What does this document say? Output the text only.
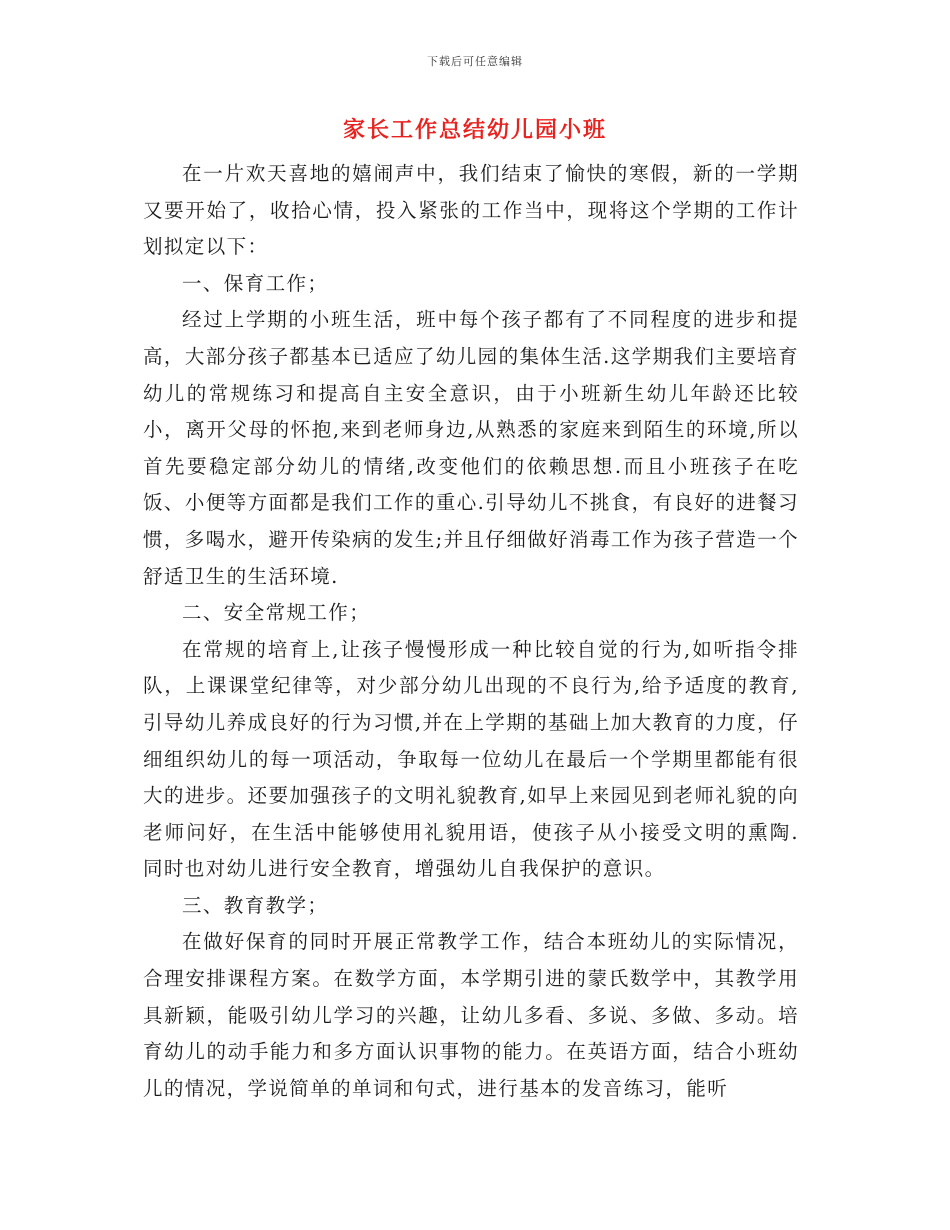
下载后可任意编辑
家长工作总结幼儿园小班

在一片欢天喜地的嬉闹声中，我们结束了愉快的寒假，新的一学期又要开始了，收拾心情，投入紧张的工作当中，现将这个学期的工作计划拟定以下：

一、保育工作；

经过上学期的小班生活，班中每个孩子都有了不同程度的进步和提高，大部分孩子都基本已适应了幼儿园的集体生活.这学期我们主要培育幼儿的常规练习和提高自主安全意识，由于小班新生幼儿年龄还比较小，离开父母的怀抱,来到老师身边,从熟悉的家庭来到陌生的环境,所以首先要稳定部分幼儿的情绪,改变他们的依赖思想.而且小班孩子在吃饭、小便等方面都是我们工作的重心.引导幼儿不挑食，有良好的进餐习惯，多喝水，避开传染病的发生;并且仔细做好消毒工作为孩子营造一个舒适卫生的生活环境.

二、安全常规工作；

在常规的培育上,让孩子慢慢形成一种比较自觉的行为,如听指令排队，上课课堂纪律等，对少部分幼儿出现的不良行为,给予适度的教育,引导幼儿养成良好的行为习惯,并在上学期的基础上加大教育的力度，仔细组织幼儿的每一项活动，争取每一位幼儿在最后一个学期里都能有很大的进步。还要加强孩子的文明礼貌教育,如早上来园见到老师礼貌的向老师问好，在生活中能够使用礼貌用语，使孩子从小接受文明的熏陶. 同时也对幼儿进行安全教育，增强幼儿自我保护的意识。

三、教育教学；

在做好保育的同时开展正常教学工作，结合本班幼儿的实际情况，合理安排课程方案。在数学方面，本学期引进的蒙氏数学中，其教学用具新颖，能吸引幼儿学习的兴趣，让幼儿多看、多说、多做、多动。培育幼儿的动手能力和多方面认识事物的能力。在英语方面，结合小班幼儿的情况，学说简单的单词和句式，进行基本的发音练习，能听
